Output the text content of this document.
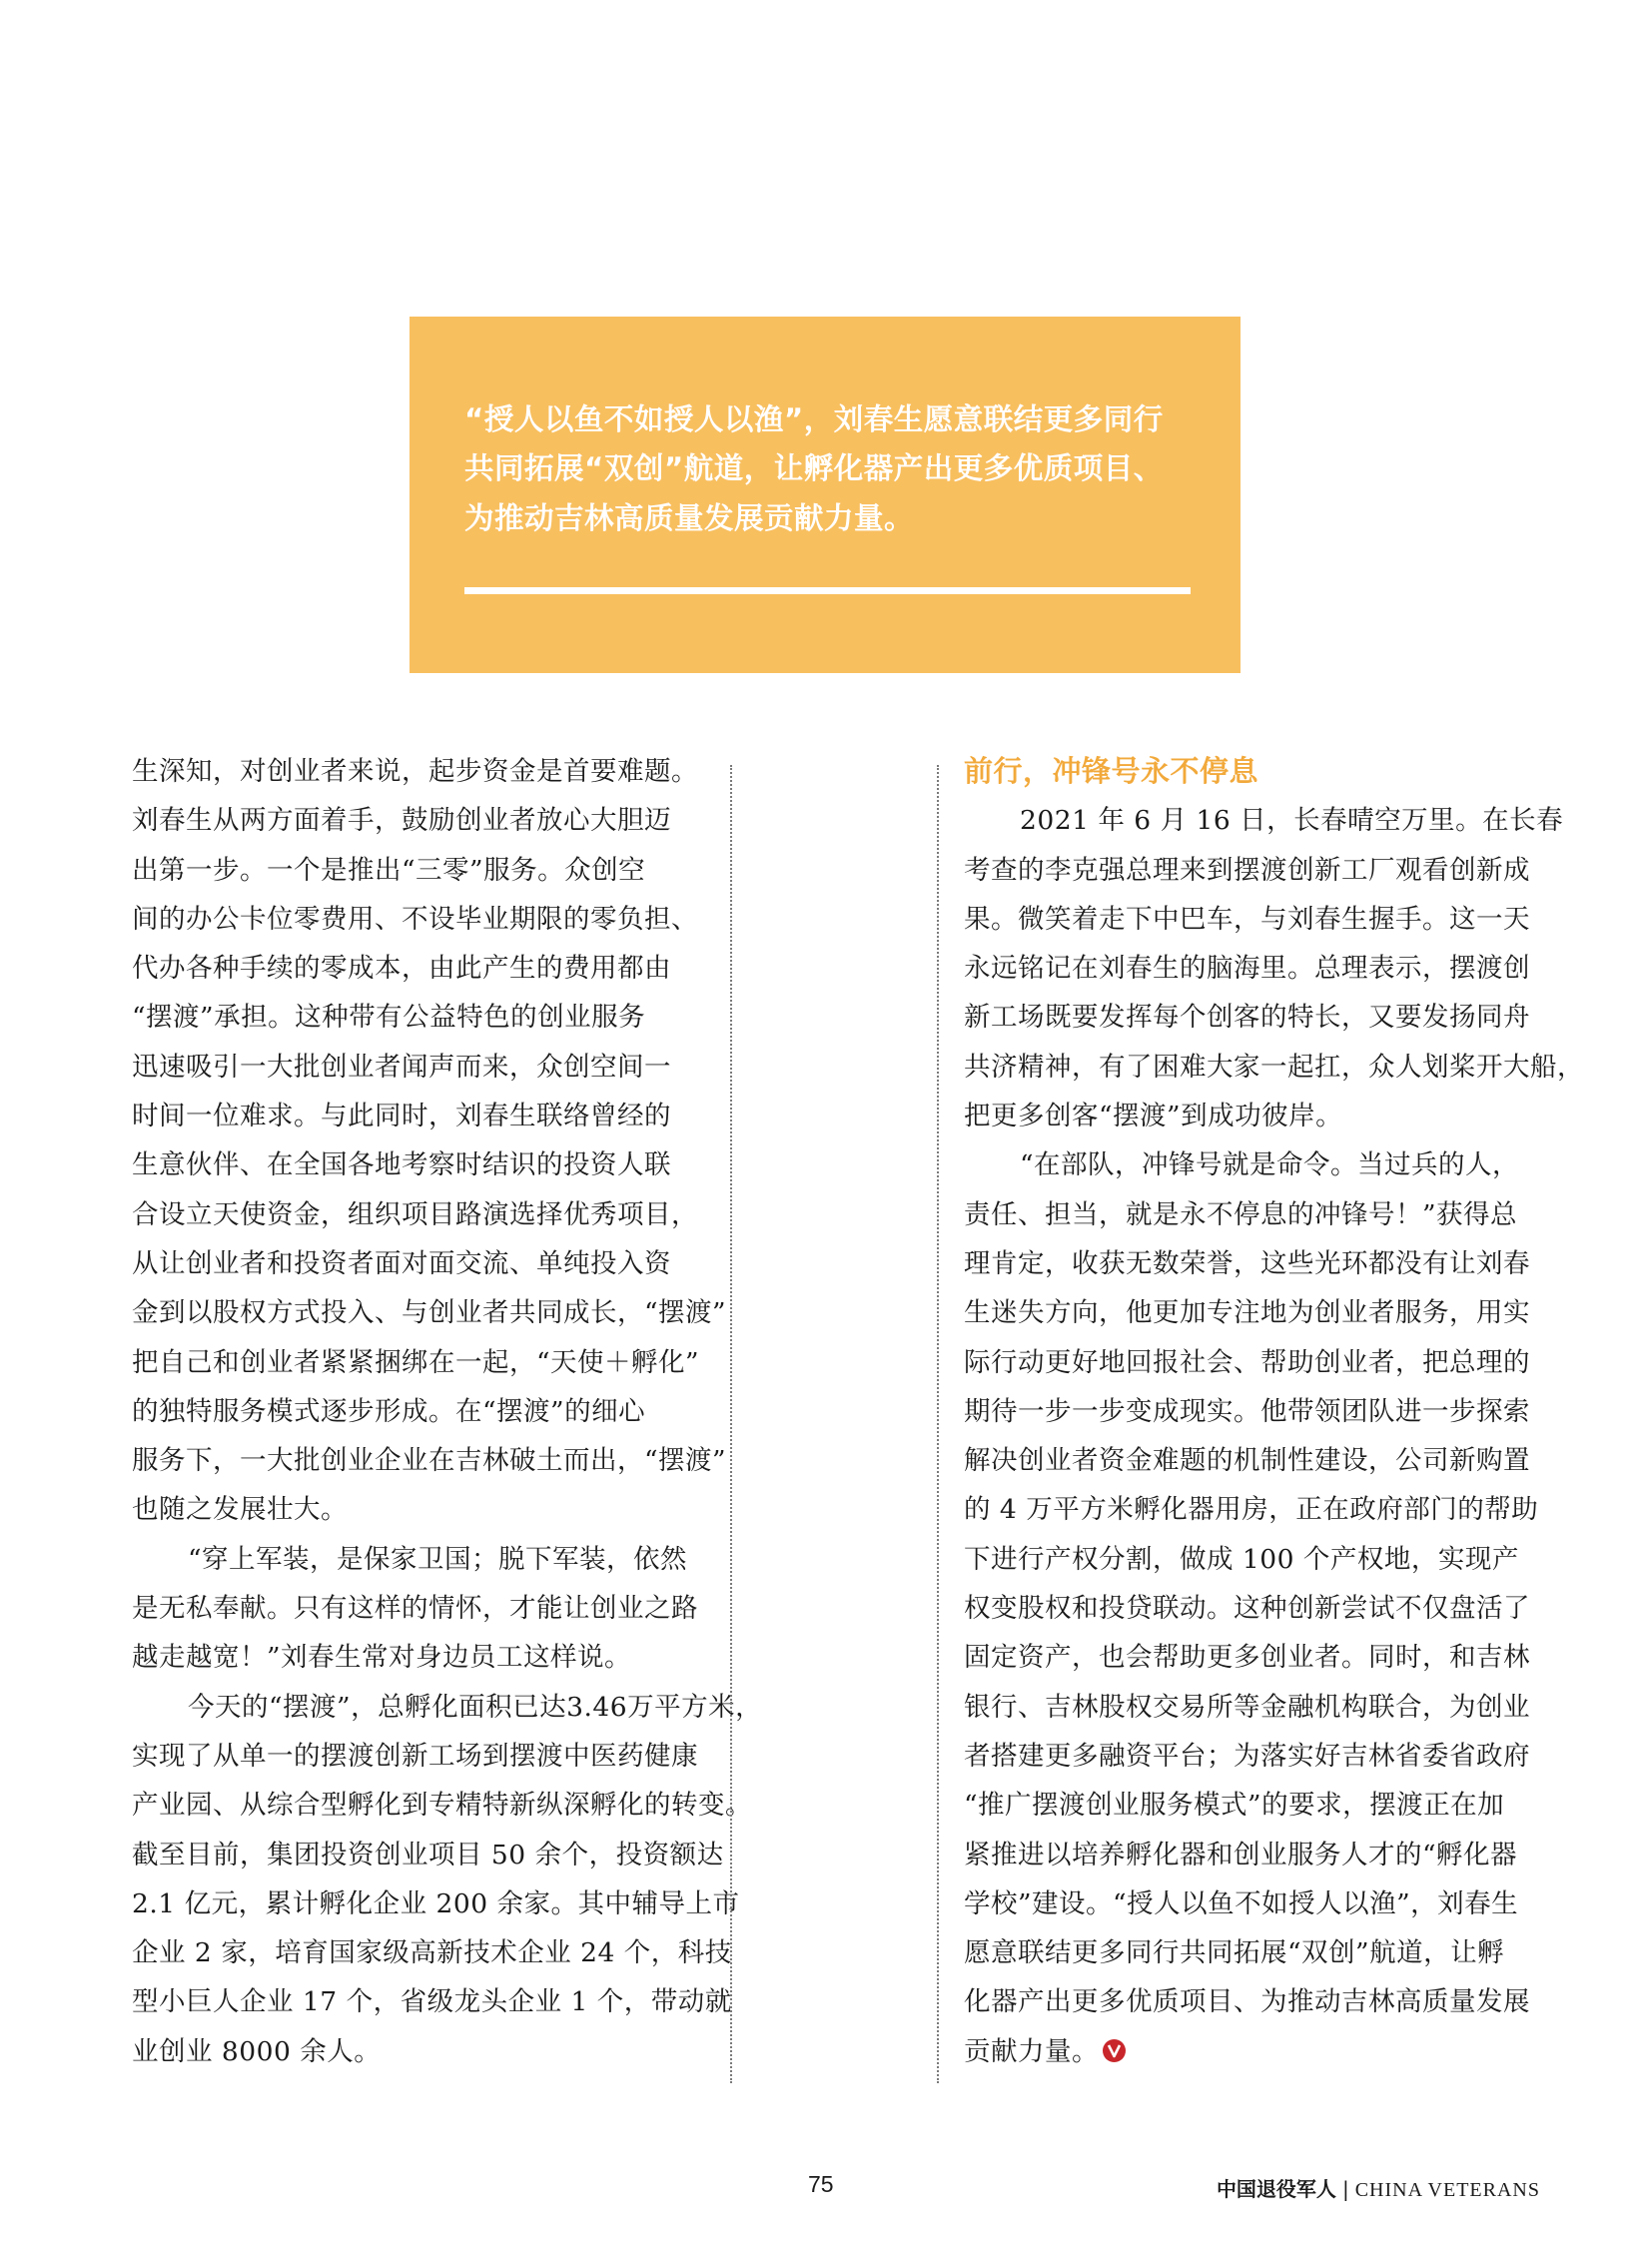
“授人以鱼不如授人以渔”，刘春生愿意联结更多同行
共同拓展“双创”航道，让孵化器产出更多优质项目、
为推动吉林高质量发展贡献力量。

生深知，对创业者来说，起步资金是首要难题。
刘春生从两方面着手，鼓励创业者放心大胆迈
出第一步。一个是推出“三零”服务。众创空
间的办公卡位零费用、不设毕业期限的零负担、
代办各种手续的零成本，由此产生的费用都由
“摆渡”承担。这种带有公益特色的创业服务
迅速吸引一大批创业者闻声而来，众创空间一
时间一位难求。与此同时，刘春生联络曾经的
生意伙伴、在全国各地考察时结识的投资人联
合设立天使资金，组织项目路演选择优秀项目，
从让创业者和投资者面对面交流、单纯投入资
金到以股权方式投入、与创业者共同成长，“摆渡”
把自己和创业者紧紧捆绑在一起，“天使＋孵化”
的独特服务模式逐步形成。在“摆渡”的细心
服务下，一大批创业企业在吉林破土而出，“摆渡”
也随之发展壮大。
“穿上军装，是保家卫国；脱下军装，依然
是无私奉献。只有这样的情怀，才能让创业之路
越走越宽！”刘春生常对身边员工这样说。
今天的“摆渡”，总孵化面积已达3.46万平方米，
实现了从单一的摆渡创新工场到摆渡中医药健康
产业园、从综合型孵化到专精特新纵深孵化的转变。
截至目前，集团投资创业项目 50 余个，投资额达
2.1 亿元，累计孵化企业 200 余家。其中辅导上市
企业 2 家，培育国家级高新技术企业 24 个，科技
型小巨人企业 17 个，省级龙头企业 1 个，带动就
业创业 8000 余人。
前行，冲锋号永不停息
2021 年 6 月 16 日，长春晴空万里。在长春
考查的李克强总理来到摆渡创新工厂观看创新成
果。微笑着走下中巴车，与刘春生握手。这一天
永远铭记在刘春生的脑海里。总理表示，摆渡创
新工场既要发挥每个创客的特长，又要发扬同舟
共济精神，有了困难大家一起扛，众人划桨开大船，
把更多创客“摆渡”到成功彼岸。
“在部队，冲锋号就是命令。当过兵的人，
责任、担当，就是永不停息的冲锋号！”获得总
理肯定，收获无数荣誉，这些光环都没有让刘春
生迷失方向，他更加专注地为创业者服务，用实
际行动更好地回报社会、帮助创业者，把总理的
期待一步一步变成现实。他带领团队进一步探索
解决创业者资金难题的机制性建设，公司新购置
的 4 万平方米孵化器用房，正在政府部门的帮助
下进行产权分割，做成 100 个产权地，实现产
权变股权和投贷联动。这种创新尝试不仅盘活了
固定资产，也会帮助更多创业者。同时，和吉林
银行、吉林股权交易所等金融机构联合，为创业
者搭建更多融资平台；为落实好吉林省委省政府
“推广摆渡创业服务模式”的要求，摆渡正在加
紧推进以培养孵化器和创业服务人才的“孵化器
学校”建设。“授人以鱼不如授人以渔”，刘春生
愿意联结更多同行共同拓展“双创”航道，让孵
化器产出更多优质项目、为推动吉林高质量发展
贡献力量。
75	中国退役军人 | CHINA VETERANS
